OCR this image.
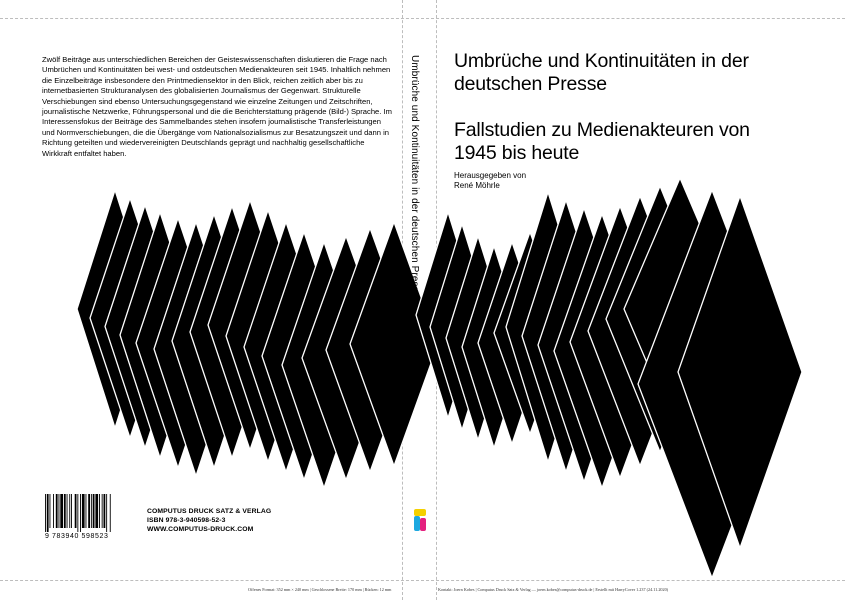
Zwölf Beiträge aus unterschiedlichen Bereichen der Geisteswissenschaften diskutieren die Frage nach Umbrüchen und Kontinuitäten bei west- und ostdeutschen Medienakteuren seit 1945. Inhaltlich nehmen die Einzelbeiträge insbesondere den Printmediensektor in den Blick, reichen zeitlich aber bis zu internetbasierten Strukturanalysen des globalisierten Journalismus der Gegenwart. Strukturelle Verschiebungen sind ebenso Untersuchungsgegenstand wie einzelne Zeitungen und Zeitschriften, journalistische Netzwerke, Führungspersonal und die die Berichterstattung prägende (Bild-) Sprache. Im Interessensfokus der Beiträge des Sammelbandes stehen insofern journalistische Transferleistungen und Normverschiebungen, die die Übergänge vom Nationalsozialismus zur Besatzungszeit und dann in Richtung geteilten und wiedervereinigten Deutschlands geprägt und nachhaltig gesellschaftliche Wirkkraft entfaltet haben.

9 783940 598523
COMPUTUS DRUCK SATZ & VERLAG
ISBN 978-3-940598-52-3
WWW.COMPUTUS-DRUCK.COM
Umbrüche und Kontinuitäten in der deutschen Presse Umbrüche und Kontinuitäten in der
deutschen Presse
Fallstudien zu Medienakteuren von
1945 bis heute
Herausgegeben von
René Möhrle
Offenes Format: 352 mm × 240 mm | Geschlossene Breite: 170 mm | Rücken: 12 mm	Kontakt: Joern Kobes | Computus Druck Satz & Verlag — joern.kobes@computus-druck.de | Erstellt mit HarryCover 1.237 (24.11.2020)
